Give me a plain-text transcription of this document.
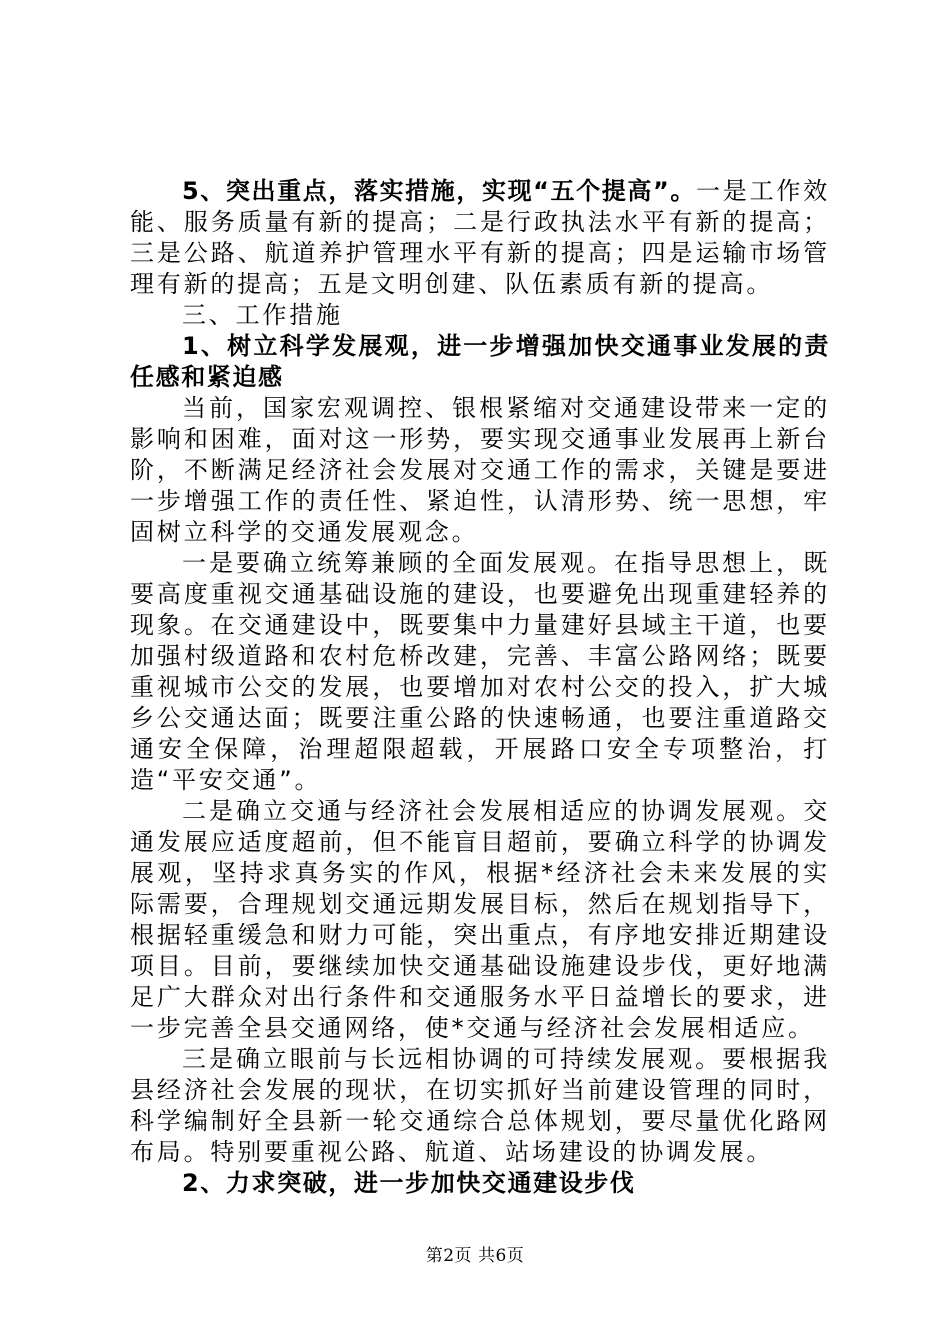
5、突出重点，落实措施，实现“五个提高”。一是工作效能、服务质量有新的提高；二是行政执法水平有新的提高；三是公路、航道养护管理水平有新的提高；四是运输市场管理有新的提高；五是文明创建、队伍素质有新的提高。

三、工作措施

1、树立科学发展观，进一步增强加快交通事业发展的责任感和紧迫感

当前，国家宏观调控、银根紧缩对交通建设带来一定的影响和困难，面对这一形势，要实现交通事业发展再上新台阶，不断满足经济社会发展对交通工作的需求，关键是要进一步增强工作的责任性、紧迫性，认清形势、统一思想，牢固树立科学的交通发展观念。

一是要确立统筹兼顾的全面发展观。在指导思想上，既要高度重视交通基础设施的建设，也要避免出现重建轻养的现象。在交通建设中，既要集中力量建好县域主干道，也要加强村级道路和农村危桥改建，完善、丰富公路网络；既要重视城市公交的发展，也要增加对农村公交的投入，扩大城乡公交通达面；既要注重公路的快速畅通，也要注重道路交通安全保障，治理超限超载，开展路口安全专项整治，打造“平安交通”。

二是确立交通与经济社会发展相适应的协调发展观。交通发展应适度超前，但不能盲目超前，要确立科学的协调发展观，坚持求真务实的作风，根据*经济社会未来发展的实际需要，合理规划交通远期发展目标，然后在规划指导下，根据轻重缓急和财力可能，突出重点，有序地安排近期建设项目。目前，要继续加快交通基础设施建设步伐，更好地满足广大群众对出行条件和交通服务水平日益增长的要求，进一步完善全县交通网络，使*交通与经济社会发展相适应。

三是确立眼前与长远相协调的可持续发展观。要根据我县经济社会发展的现状，在切实抓好当前建设管理的同时，科学编制好全县新一轮交通综合总体规划，要尽量优化路网布局。特别要重视公路、航道、站场建设的协调发展。

2、力求突破，进一步加快交通建设步伐

第2页 共6页
